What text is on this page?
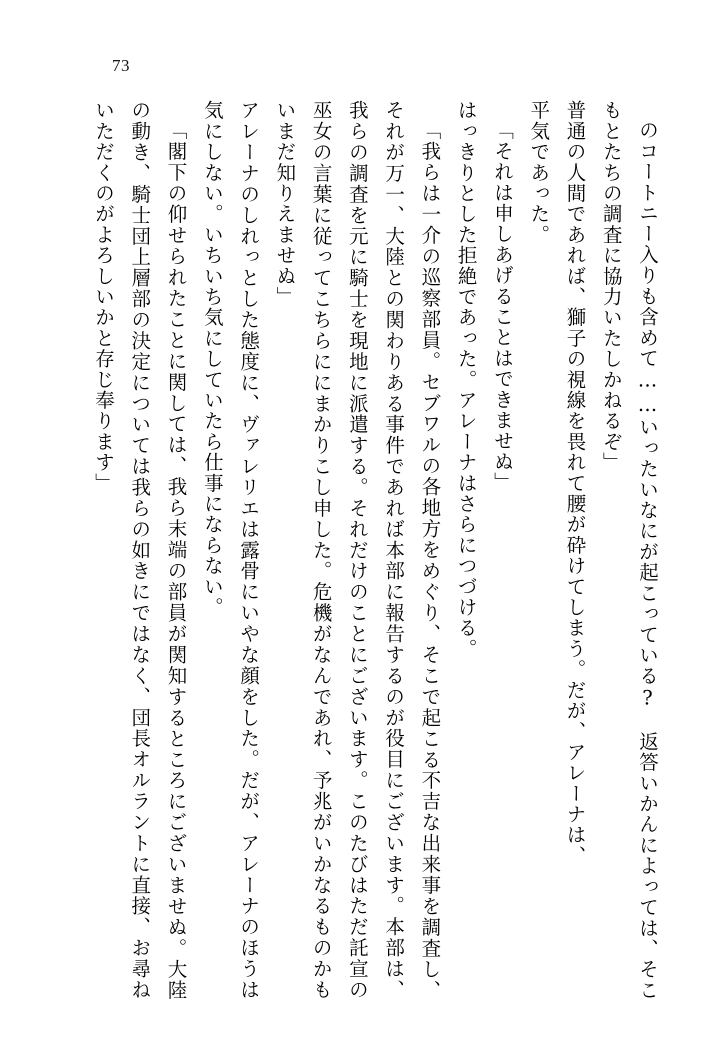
73

のコートニー入りも含めて……いったいなにが起こっている?　返答いかんによっては、そこもとたちの調査に協力いたしかねるぞ」

普通の人間であれば、獅子の視線を畏れて腰が砕けてしまう。だが、アレーナは、

平気であった。

「それは申しあげることはできませぬ」

はっきりとした拒絶であった。アレーナはさらにつづける。

「我らは一介の巡察部員。セブワルの各地方をめぐり、そこで起こる不吉な出来事を調査し、それが万一、大陸との関わりある事件であれば本部に報告するのが役目にございます。本部は、我らの調査を元に騎士を現地に派遣する。それだけのことにございます。このたびはただ託宣の巫女の言葉に従ってこちらににまかりこし申した。危機がなんであれ、予兆がいかなるものかもいまだ知りえませぬ」

アレーナのしれっとした態度に、ヴァレリエは露骨にいやな顔をした。だが、アレーナのほうは気にしない。いちいち気にしていたら仕事にならない。

「閣下の仰せられたことに関しては、我ら末端の部員が関知するところにございませぬ。大陸の動き、騎士団上層部の決定については我らの如きにではなく、団長オルラントに直接、お尋ねいただくのがよろしいかと存じ奉ります」
